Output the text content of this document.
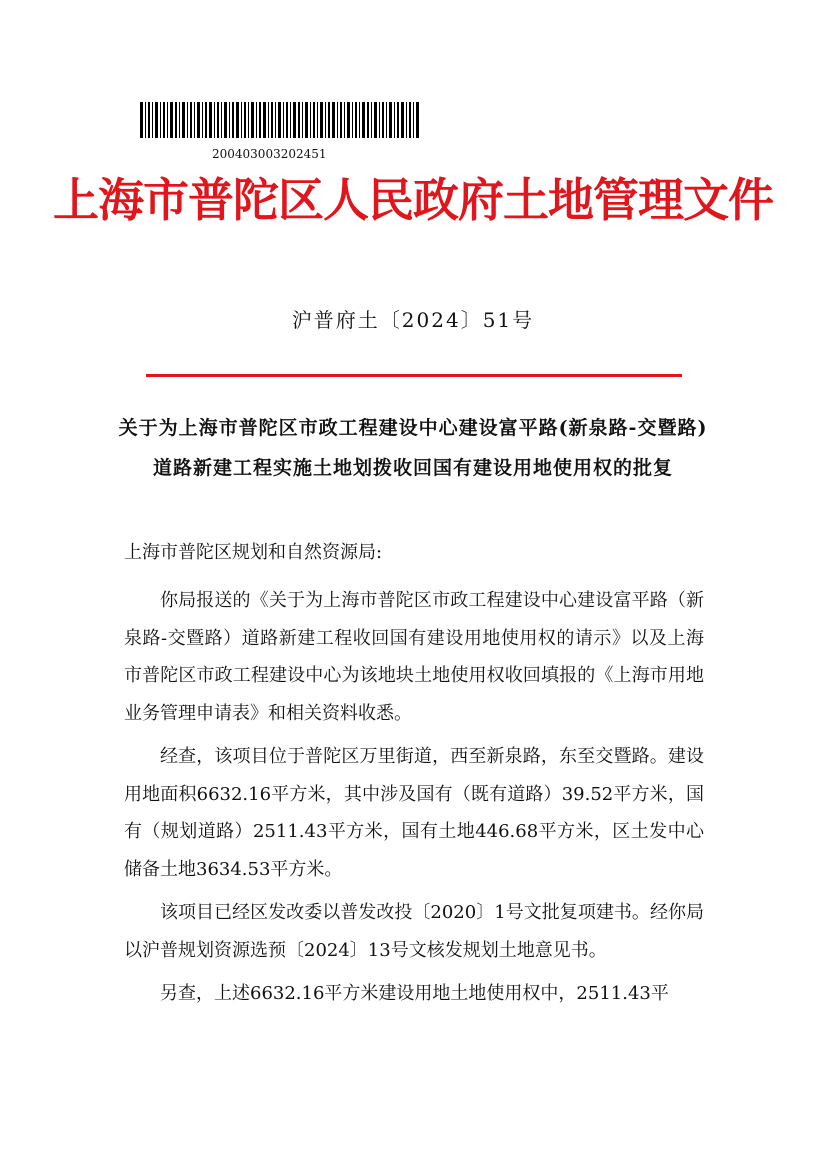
200403003202451
上海市普陀区人民政府土地管理文件
沪普府土〔2024〕51号
关于为上海市普陀区市政工程建设中心建设富平路(新泉路-交暨路)
道路新建工程实施土地划拨收回国有建设用地使用权的批复
上海市普陀区规划和自然资源局:

你局报送的《关于为上海市普陀区市政工程建设中心建设富平路（新泉路-交暨路）道路新建工程收回国有建设用地使用权的请示》以及上海市普陀区市政工程建设中心为该地块土地使用权收回填报的《上海市用地业务管理申请表》和相关资料收悉。

经查，该项目位于普陀区万里街道，西至新泉路，东至交暨路。建设用地面积6632.16平方米，其中涉及国有（既有道路）39.52平方米，国有（规划道路）2511.43平方米，国有土地446.68平方米，区土发中心储备土地3634.53平方米。

该项目已经区发改委以普发改投〔2020〕1号文批复项建书。经你局以沪普规划资源选预〔2024〕13号文核发规划土地意见书。

另查，上述6632.16平方米建设用地土地使用权中，2511.43平
